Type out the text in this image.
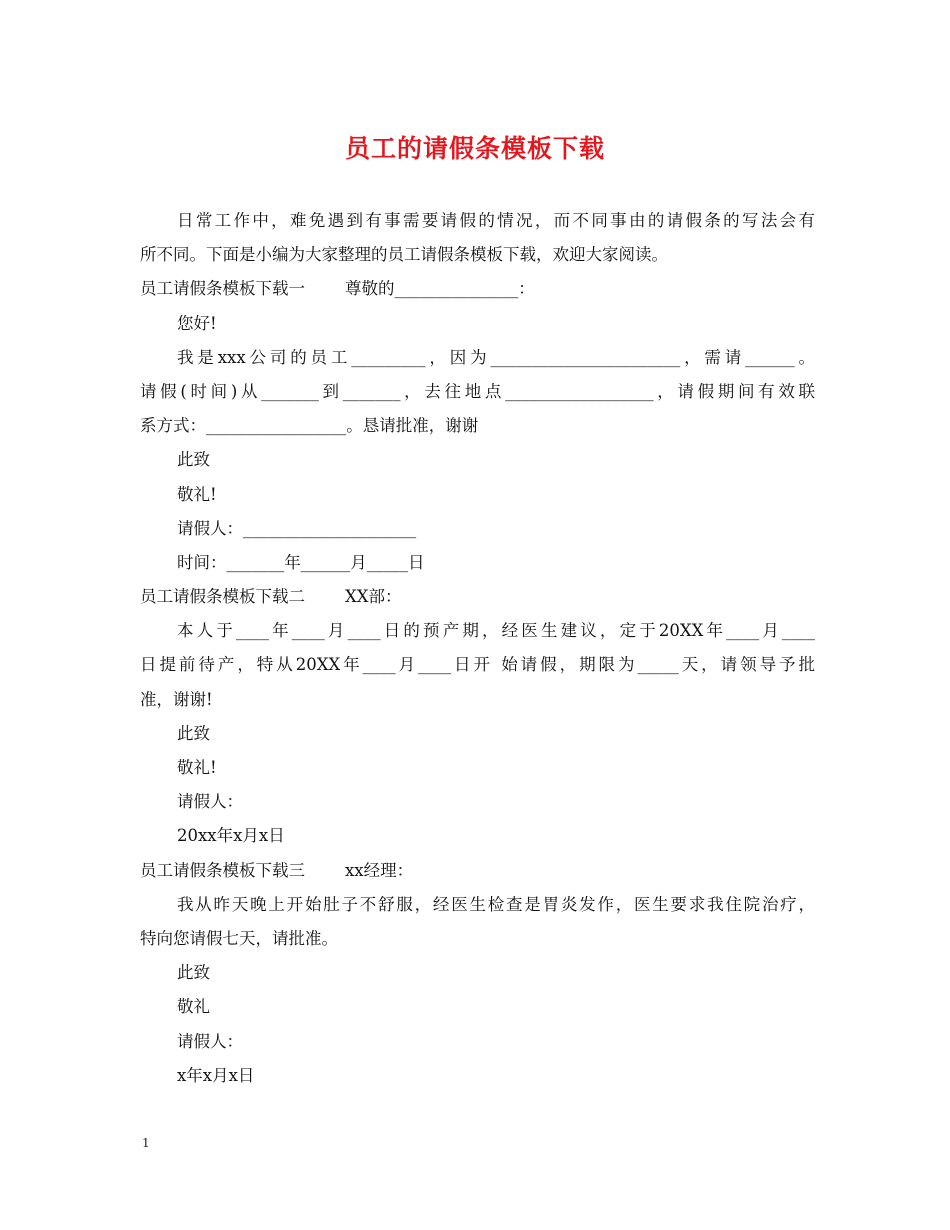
员工的请假条模板下载

日常工作中，难免遇到有事需要请假的情况，而不同事由的请假条的写法会有

所不同。下面是小编为大家整理的员工请假条模板下载，欢迎大家阅读。

员工请假条模板下载一 尊敬的_______________：

您好!

我是xxx公司的员工_________，因为_______________________，需请______。

请假(时间)从_______到_______，去往地点__________________，请假期间有效联

系方式：_________________。恳请批准，谢谢

此致

敬礼!

请假人：_____________________

时间：_______年______月_____日

员工请假条模板下载二 XX部：

本人于____年____月____日的预产期，经医生建议，定于20XX年____月____

日提前待产，特从20XX年____月____日开 始请假，期限为_____天，请领导予批

准，谢谢!

此致

敬礼!

请假人：

20xx年x月x日

员工请假条模板下载三 xx经理：

我从昨天晚上开始肚子不舒服，经医生检查是胃炎发作，医生要求我住院治疗，

特向您请假七天，请批准。

此致

敬礼

请假人：

x年x月x日

1
